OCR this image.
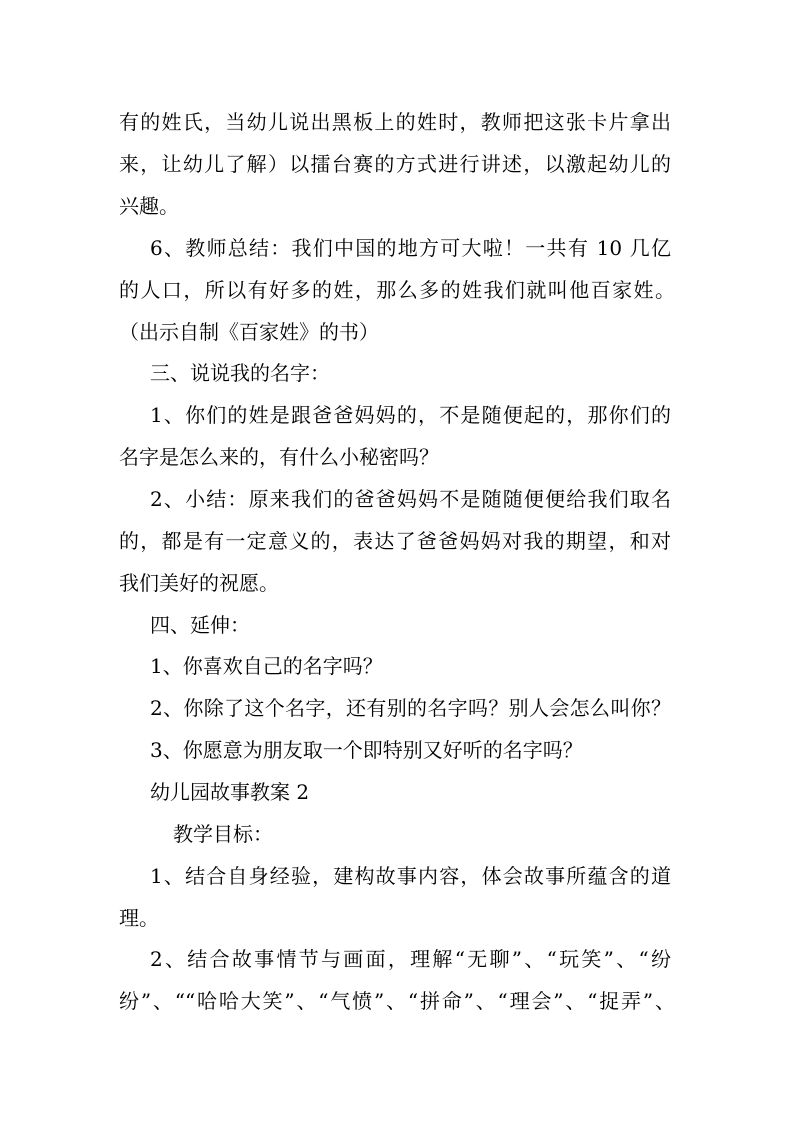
有的姓氏，当幼儿说出黑板上的姓时，教师把这张卡片拿出

来，让幼儿了解）以擂台赛的方式进行讲述，以激起幼儿的

兴趣。

6、教师总结：我们中国的地方可大啦！一共有 10 几亿

的人口，所以有好多的姓，那么多的姓我们就叫他百家姓。

（出示自制《百家姓》的书）

三、说说我的名字：

1、你们的姓是跟爸爸妈妈的，不是随便起的，那你们的

名字是怎么来的，有什么小秘密吗？

2、小结：原来我们的爸爸妈妈不是随随便便给我们取名

的，都是有一定意义的，表达了爸爸妈妈对我的期望，和对

我们美好的祝愿。

四、延伸：

1、你喜欢自己的名字吗？

2、你除了这个名字，还有别的名字吗？别人会怎么叫你？

3、你愿意为朋友取一个即特别又好听的名字吗？

幼儿园故事教案 2

教学目标：

1、结合自身经验，建构故事内容，体会故事所蕴含的道

理。

2、结合故事情节与画面，理解“无聊”、“玩笑”、“纷

纷”、““哈哈大笑”、“气愤”、“拼命”、“理会”、“捉弄”、
